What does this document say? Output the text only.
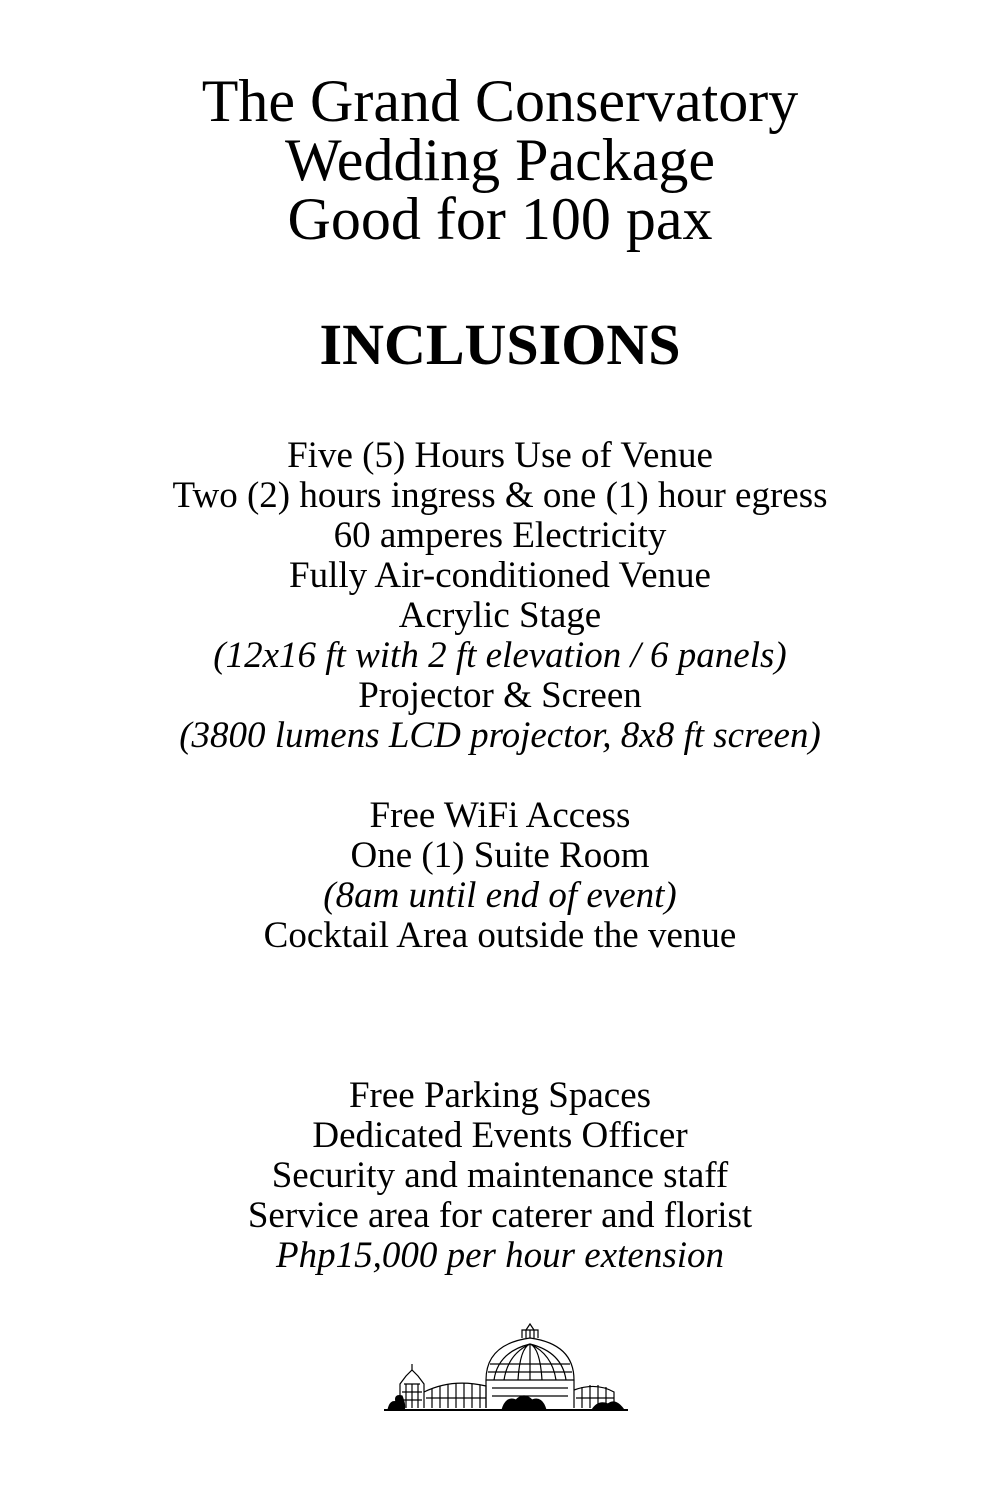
The Grand Conservatory
Wedding Package
Good for 100 pax
INCLUSIONS
Five (5) Hours Use of Venue
Two (2) hours ingress & one (1) hour egress
60 amperes Electricity
Fully Air-conditioned Venue
Acrylic Stage
(12x16 ft with 2 ft elevation / 6 panels)
Projector & Screen
(3800 lumens LCD projector, 8x8 ft screen)
Free WiFi Access
One (1) Suite Room
(8am until end of event)
Cocktail Area outside the venue
Free Parking Spaces
Dedicated Events Officer
Security and maintenance staff
Service area for caterer and florist
Php15,000 per hour extension
